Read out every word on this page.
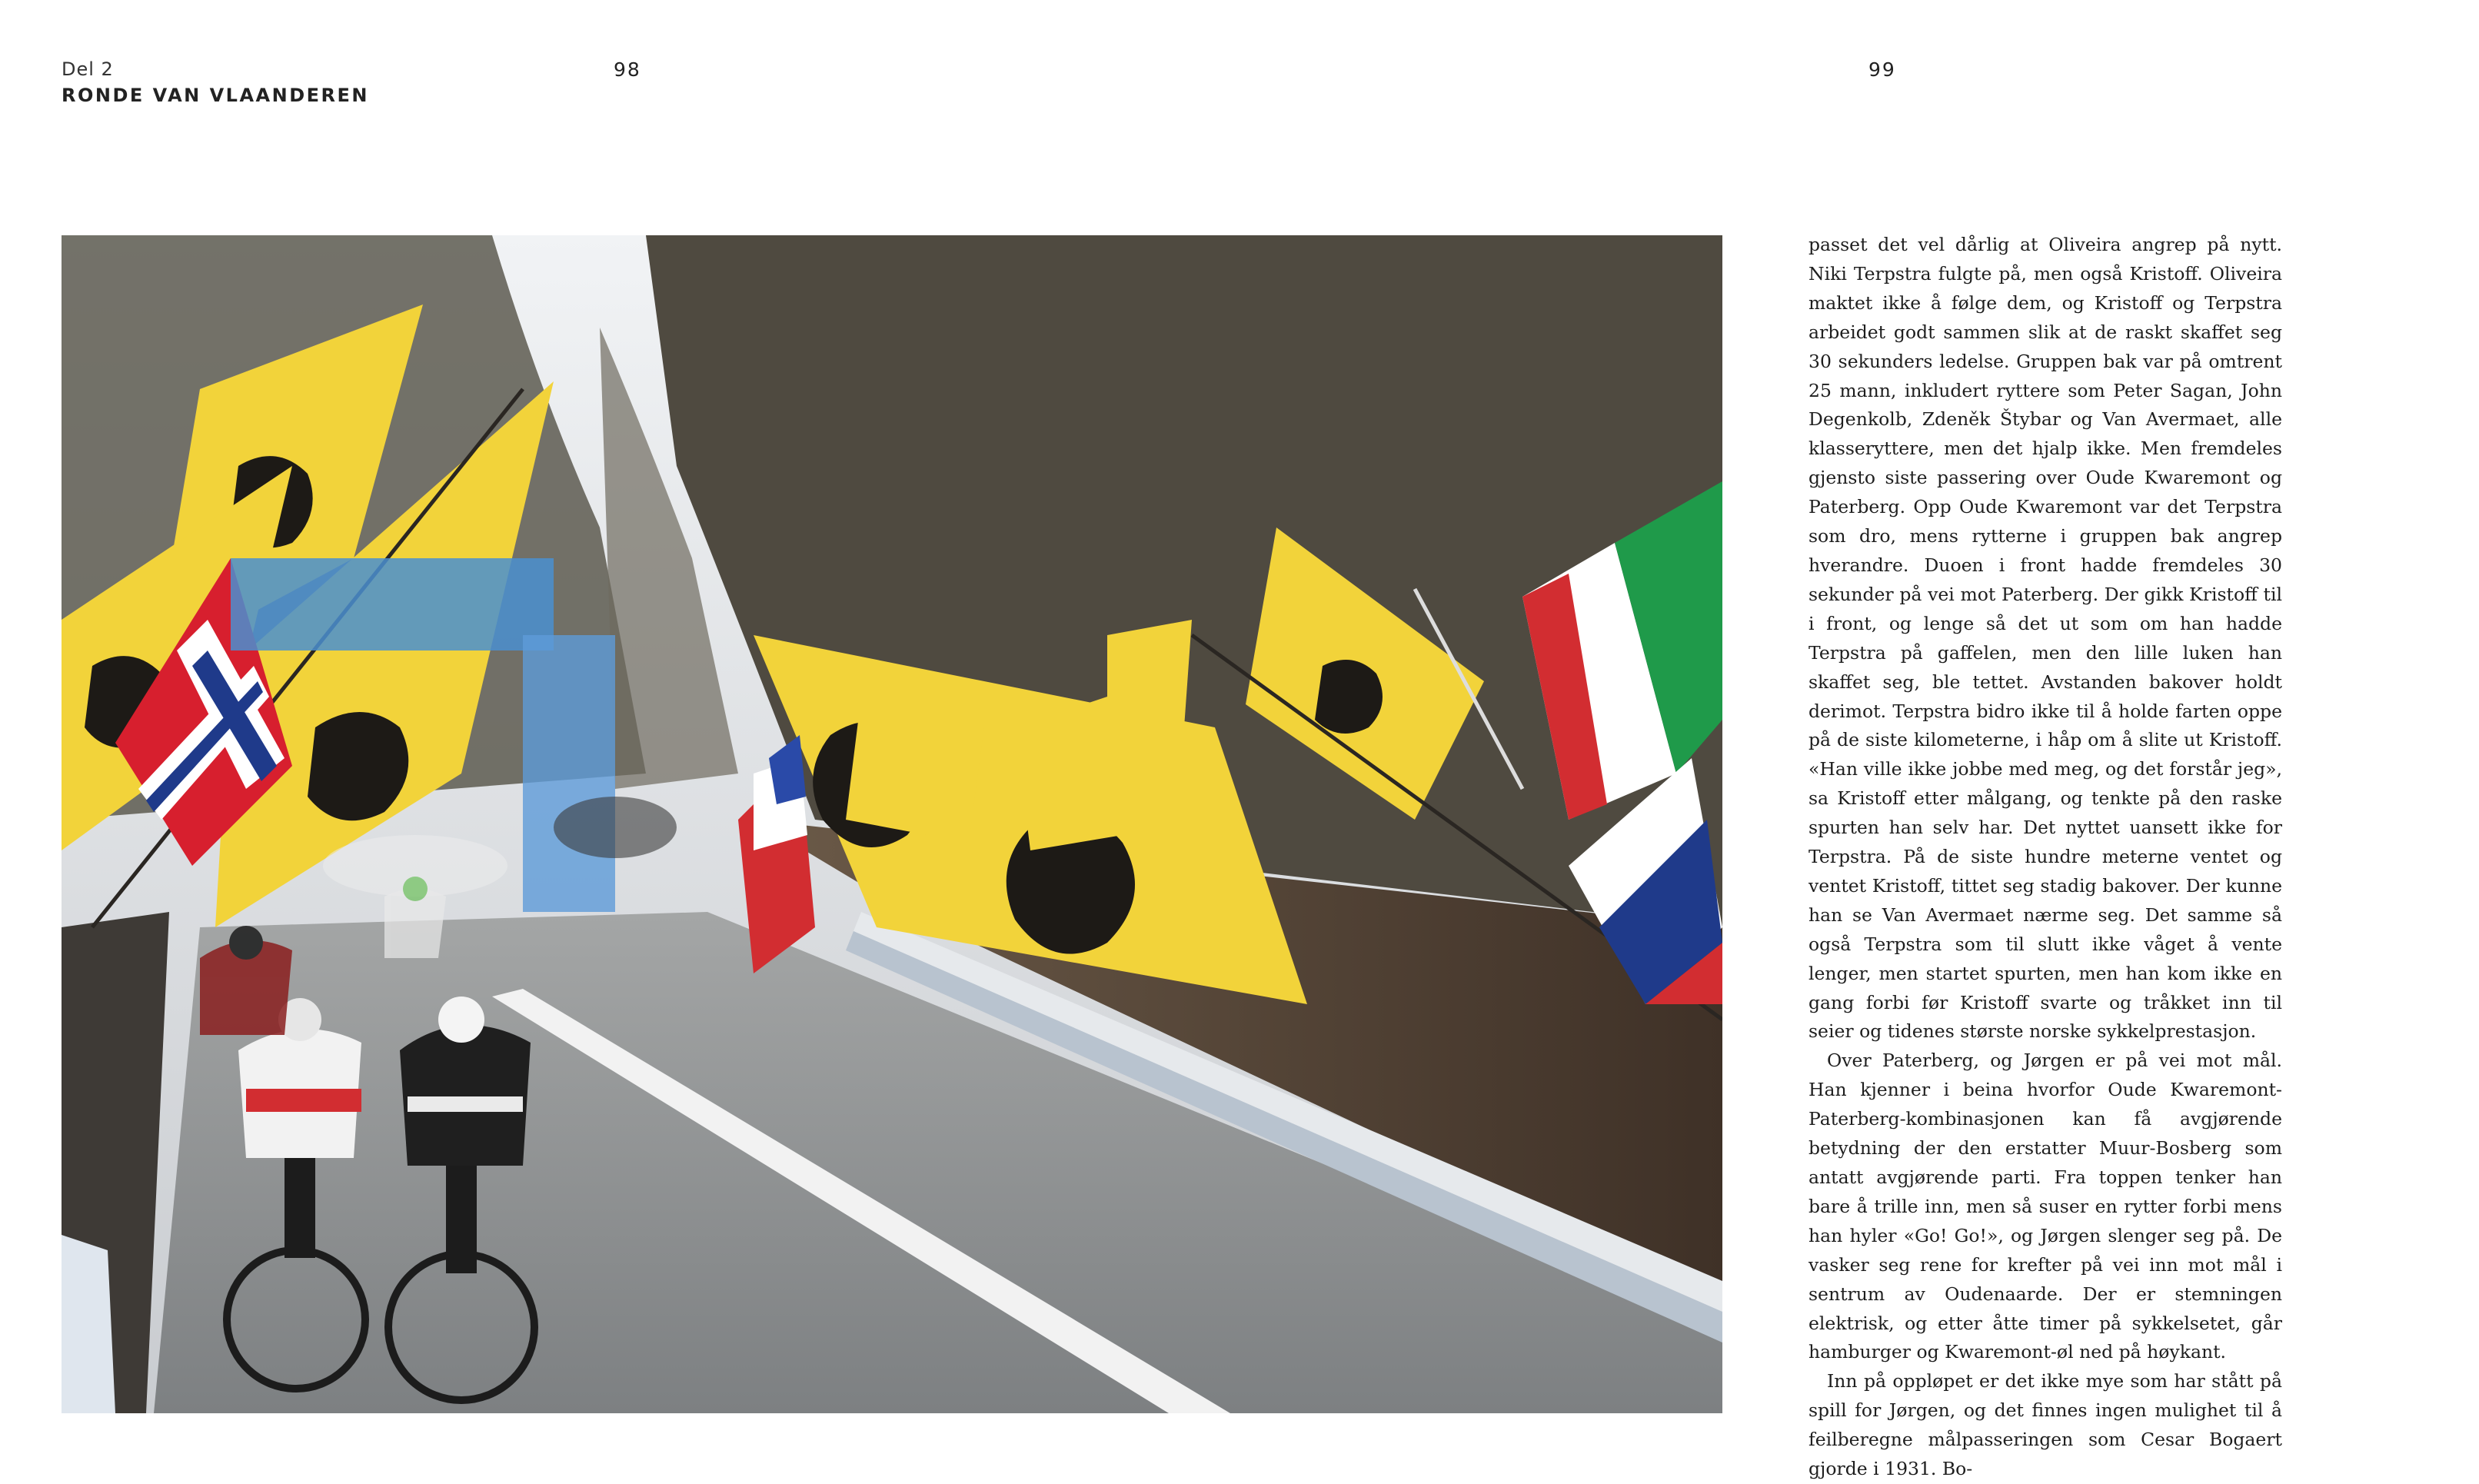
Del 2
RONDE VAN VLAANDEREN
98	99

passet det vel dårlig at Oliveira angrep på nytt. Niki Terpstra fulgte på, men også Kristoff. Oliveira maktet ikke å følge dem, og Kristoff og Terpstra arbeidet godt sammen slik at de raskt skaffet seg 30 sekunders ledelse. Gruppen bak var på omtrent 25 mann, inkludert ryttere som Peter Sagan, John Degenkolb, Zdeněk Štybar og Van Avermaet, alle klasseryttere, men det hjalp ikke. Men fremdeles gjensto siste passering over Oude Kwaremont og Paterberg. Opp Oude Kwaremont var det Terpstra som dro, mens rytterne i gruppen bak angrep hverandre. Duoen i front hadde fremdeles 30 sekunder på vei mot Paterberg. Der gikk Kristoff til i front, og lenge så det ut som om han hadde Terpstra på gaffelen, men den lille luken han skaffet seg, ble tettet. Avstanden bakover holdt derimot. Terpstra bidro ikke til å holde farten oppe på de siste kilometerne, i håp om å slite ut Kristoff. «Han ville ikke jobbe med meg, og det forstår jeg», sa Kristoff etter målgang, og tenkte på den raske spurten han selv har. Det nyttet uansett ikke for Terpstra. På de siste hundre meterne ventet og ventet Kristoff, tittet seg stadig bakover. Der kunne han se Van Avermaet nærme seg. Det samme så også Terpstra som til slutt ikke våget å vente lenger, men startet spurten, men han kom ikke en gang forbi før Kristoff svarte og tråkket inn til seier og tidenes største norske sykkelprestasjon.

Over Paterberg, og Jørgen er på vei mot mål. Han kjenner i beina hvorfor Oude Kwaremont-Paterberg-kombinasjonen kan få avgjørende betydning der den erstatter Muur-Bosberg som antatt avgjørende parti. Fra toppen tenker han bare å trille inn, men så suser en rytter forbi mens han hyler «Go! Go!», og Jørgen slenger seg på. De vasker seg rene for krefter på vei inn mot mål i sentrum av Oudenaarde. Der er stemningen elektrisk, og etter åtte timer på sykkelsetet, går hamburger og Kwaremont-øl ned på høykant.

Inn på oppløpet er det ikke mye som har stått på spill for Jørgen, og det finnes ingen mulighet til å feilberegne målpasseringen som Cesar Bogaert gjorde i 1931. Bo-
